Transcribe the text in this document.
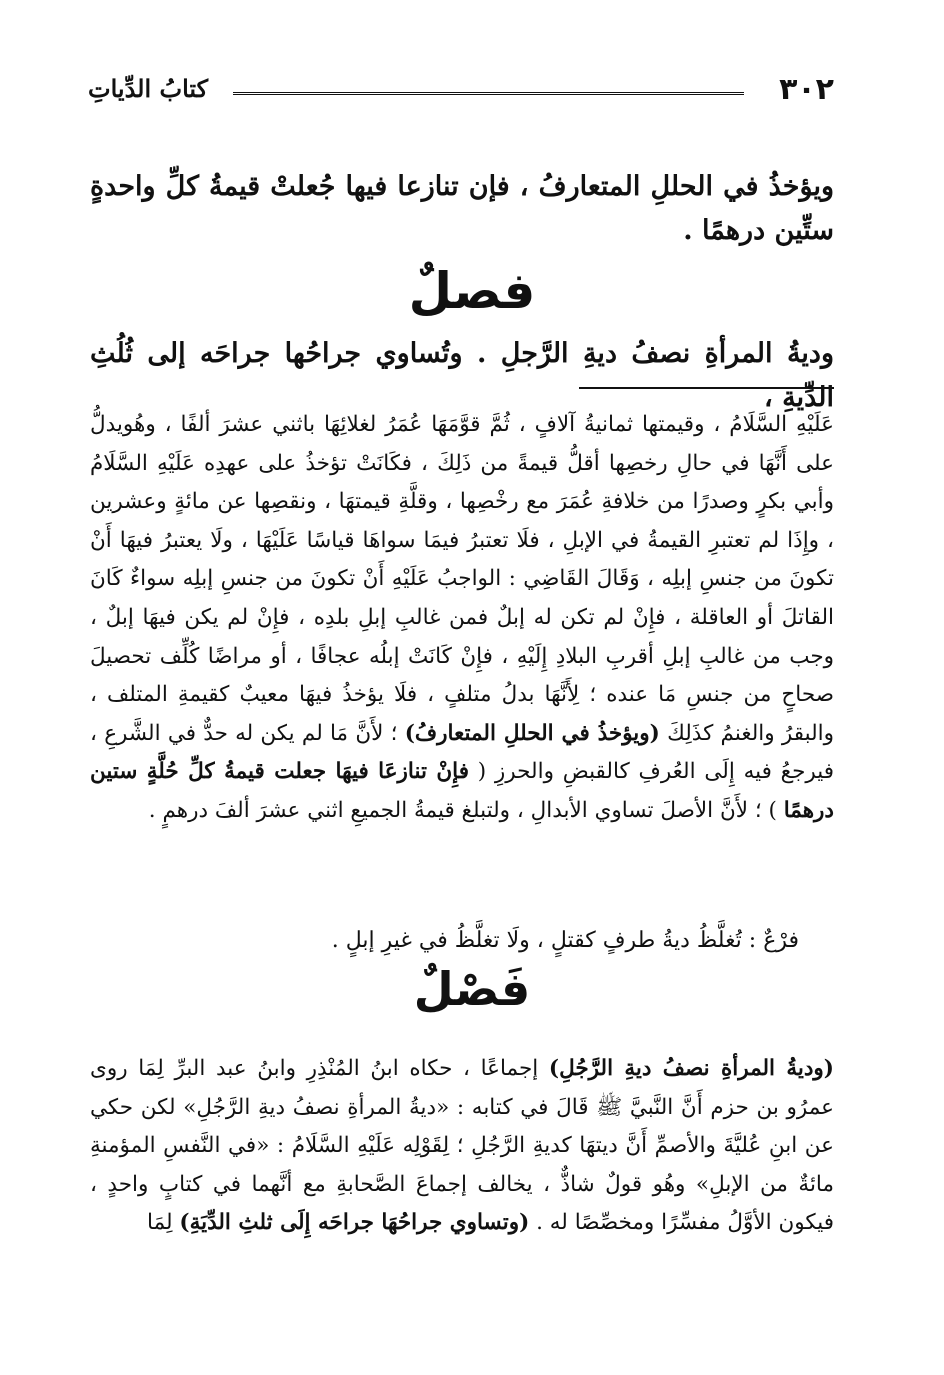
٣٠٢
كتابُ الدِّياتِ
ويؤخذُ في الحللِ المتعارفُ ، فإن تنازعا فيها جُعلتْ قيمةُ كلِّ واحدةٍ ستِّين درهمًا .
فصلٌ
وديةُ المرأةِ نصفُ ديةِ الرَّجلِ . وتُساوي جراحُها جراحَه إلى ثُلُثِ الدِّيةِ ،
عَلَيْهِ السَّلَامُ ، وقيمتها ثمانيةُ آلافٍ ، ثُمَّ قوَّمَهَا عُمَرُ لغلائِهَا باثني عشرَ ألفًا ، وهُويدلُّ على أَنَّهَا في حالِ رخصِها أقلُّ قيمةً من ذَلِكَ ، فكَانَتْ تؤخذُ على عهدِه عَلَيْهِ السَّلَامُ وأبي بكرٍ وصدرًا من خلافةِ عُمَرَ مع رخْصِها ، وقلَّةِ قيمتهَا ، ونقصِها عن مائةٍ وعشرين ، وإِذَا لم تعتبرِ القيمةُ في الإبلِ ، فلَا تعتبرُ فيمَا سواهَا قياسًا عَلَيْهَا ، ولَا يعتبرُ فيهَا أَنْ تكونَ من جنسِ إبلِه ، وَقَالَ القَاضِي : الواجبُ عَلَيْهِ أَنْ تكونَ من جنسِ إبلِه سواءٌ كَانَ القاتلَ أو العاقلة ، فإِنْ لم تكن له إبلٌ فمن غالبِ إبلِ بلدِه ، فإِنْ لم يكن فيهَا إبلٌ ، وجب من غالبِ إبلِ أقربِ البلادِ إِلَيْهِ ، فإِنْ كَانَتْ إبلُه عجافًا ، أو مراضًا كُلِّف تحصيلَ صحاحٍ من جنسِ مَا عنده ؛ لِأَنَّهَا بدلُ متلفٍ ، فلَا يؤخذُ فيهَا معيبٌ كقيمةِ المتلف ، والبقرُ والغنمُ كذَلِكَ (ويؤخذُ في الحللِ المتعارفُ) ؛ لأَنَّ مَا لم يكن له حدٌّ في الشَّرعِ ، فيرجعُ فيه إِلَى العُرفِ كالقبضِ والحرزِ ( فإِنْ تنازعَا فيهَا جعلت قيمةُ كلِّ حُلَّةٍ ستين درهمًا ) ؛ لأَنَّ الأصلَ تساوي الأبدالِ ، ولتبلغ قيمةُ الجميعِ اثني عشرَ ألفَ درهمٍ .
فرْعٌ : تُغلَّظُ ديةُ طرفٍ كقتلٍ ، ولَا تغلَّظُ في غيرِ إبلٍ .
فَصْلٌ
(وديةُ المرأةِ نصفُ ديةِ الرَّجُلِ) إجماعًا ، حكاه ابنُ المُنْذِرِ وابنُ عبد البرِّ لِمَا روى عمرُو بن حزم أَنَّ النَّبيَّ ﷺ قَالَ في كتابه : «ديةُ المرأةِ نصفُ ديةِ الرَّجُلِ» لكن حكي عن ابنِ عُليَّةَ والأصمِّ أَنَّ ديتهَا كديةِ الرَّجُلِ ؛ لِقَوْلِه عَلَيْهِ السَّلَامُ : «في النَّفسِ المؤمنةِ مائةٌ من الإبلِ» وهُو قولٌ شاذٌّ ، يخالف إجماعَ الصَّحابةِ مع أنَّهما في كتابٍ واحدٍ ، فيكون الأوَّلُ مفسِّرًا ومخصِّصًا له . (وتساوي جراحُهَا جراحَه إِلَى ثلثِ الدِّيَةِ) لِمَا
